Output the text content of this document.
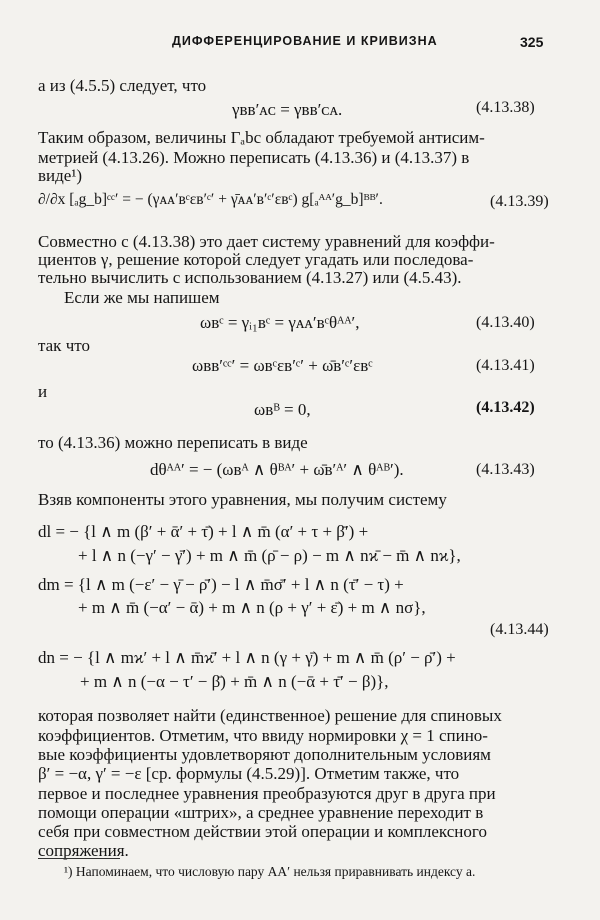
ДИФФЕРЕНЦИРОВАНИЕ И КРИВИЗНА	325
а из (4.5.5) следует, что
γʙʙ′ᴀᴄ = γʙʙ′ᴄᴀ.	(4.13.38)
Таким образом, величины Γₐbc обладают требуемой антисим-
метрией (4.13.26). Можно переписать (4.13.36) и (4.13.37) в
виде¹)
∂/∂x [ₐg_b]ᶜᶜ′ = − (γᴀᴀ′ʙᶜεʙ′ᶜ′ + γ̄ᴀᴀ′ʙ′ᶜ′εʙᶜ) g[ₐᴬᴬ′g_b]ᴮᴮ′.	(4.13.39)
Совместно с (4.13.38) это дает систему уравнений для коэффи-
циентов γ, решение которой следует угадать или последова-
тельно вычислить с использованием (4.13.27) или (4.5.43).
Если же мы напишем
ωʙᶜ = γᵢ₁ʙᶜ = γᴀᴀ′ʙᶜθᴬᴬ′,	(4.13.40)
так что
ωʙʙ′ᶜᶜ′ = ωʙᶜεʙ′ᶜ′ + ω̄ʙ′ᶜ′εʙᶜ	(4.13.41)
и
ωʙᴮ = 0,	(4.13.42)
то (4.13.36) можно переписать в виде
dθᴬᴬ′ = − (ωʙᴬ ∧ θᴮᴬ′ + ω̄ʙ′ᴬ′ ∧ θᴬᴮ′).	(4.13.43)
Взяв компоненты этого уравнения, мы получим систему
dl = − {l ∧ m (β′ + ᾱ′ + τ̄) + l ∧ m̄ (α′ + τ + β̄′) +
+ l ∧ n (−γ′ − γ̄′) + m ∧ m̄ (ρ̄ − ρ) − m ∧ nϰ̄ − m̄ ∧ nϰ},
dm = {l ∧ m (−ε′ − γ̄ − ρ̄′) − l ∧ m̄σ̄′ + l ∧ n (τ̄′ − τ) +
+ m ∧ m̄ (−α′ − ᾱ) + m ∧ n (ρ + γ′ + ε̄) + m ∧ nσ},
(4.13.44)
dn = − {l ∧ mϰ′ + l ∧ m̄ϰ̄′ + l ∧ n (γ + γ̄) + m ∧ m̄ (ρ′ − ρ̄′) +
+ m ∧ n (−α − τ′ − β̄) + m̄ ∧ n (−ᾱ + τ̄′ − β)},
которая позволяет найти (единственное) решение для спиновых
коэффициентов. Отметим, что ввиду нормировки χ = 1 спино-
вые коэффициенты удовлетворяют дополнительным условиям
β′ = −α, γ′ = −ε [ср. формулы (4.5.29)]. Отметим также, что
первое и последнее уравнения преобразуются друг в друга при
помощи операции «штрих», а среднее уравнение переходит в
себя при совместном действии этой операции и комплексного
сопряжения.
¹) Напоминаем, что числовую пару AA′ нельзя приравнивать индексу a.
